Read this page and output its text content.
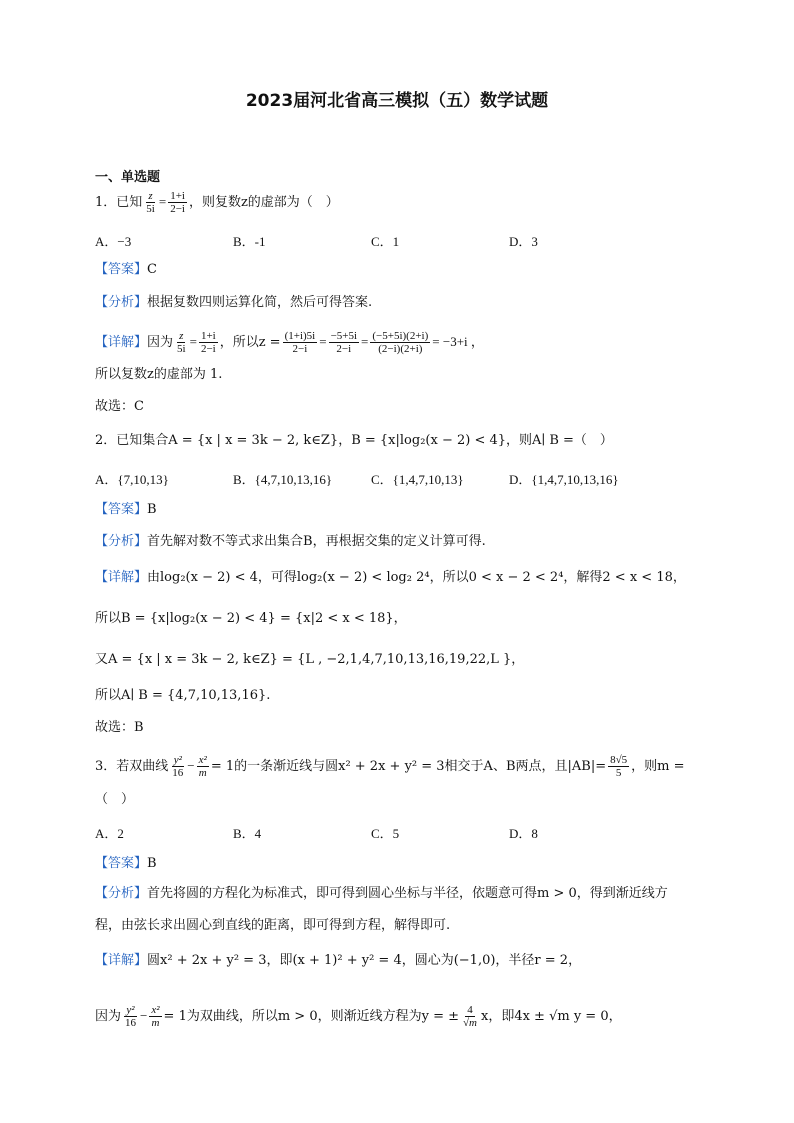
2023届河北省高三模拟（五）数学试题
一、单选题
1．已知 $\frac{z}{5i} = \frac{1+i}{2-i}$ ，则复数z的虚部为（　）
A．−3	B．-1	C．1	D．3
【答案】C
【分析】根据复数四则运算化简，然后可得答案.
【详解】因为 $\frac{z}{5i} = \frac{1+i}{2-i}$ ，所以$z = \frac{(1+i)5i}{2-i} = \frac{-5+5i}{2-i} = \frac{(-5+5i)(2+i)}{(2-i)(2+i)} = -3+i$ ，
所以复数z的虚部为 1.
故选：C
2．已知集合A = {x | x = 3k − 2, k∈Z}，B = {x|log₂(x − 2) < 4}，则A∣ B =（　）
A．{7,10,13}	B．{4,7,10,13,16}	C．{1,4,7,10,13}	D．{1,4,7,10,13,16}
【答案】B
【分析】首先解对数不等式求出集合B，再根据交集的定义计算可得.
【详解】由log₂(x − 2) < 4，可得log₂(x − 2) < log₂ 2⁴，所以0 < x − 2 < 2⁴，解得2 < x < 18，
所以B = {x|log₂(x − 2) < 4} = {x|2 < x < 18}，
又A = {x | x = 3k − 2, k∈Z} = {L , −2,1,4,7,10,13,16,19,22,L }，
所以A∣ B = {4,7,10,13,16}.
故选：B
3．若双曲线 $\frac{\text{y²}}{16} - \frac{\text{x²}}{m} = 1$的一条渐近线与圆x² + 2x + y² = 3相交于A、B两点，且$|AB|= \frac{8√5}{5}$ ，则m =
（　）
A．2	B．4	C．5	D．8
【答案】B
【分析】首先将圆的方程化为标准式，即可得到圆心坐标与半径，依题意可得m > 0，得到渐近线方
程，由弦长求出圆心到直线的距离，即可得到方程，解得即可.
【详解】圆x² + 2x + y² = 3，即(x + 1)² + y² = 4，圆心为(−1,0)，半径r = 2，
因为 $\frac{\text{y²}}{16} - \frac{\text{x²}}{m} = 1$为双曲线，所以m > 0，则渐近线方程为y = ± $\frac{4}{√m}$ x，即4x ± √m y = 0，
